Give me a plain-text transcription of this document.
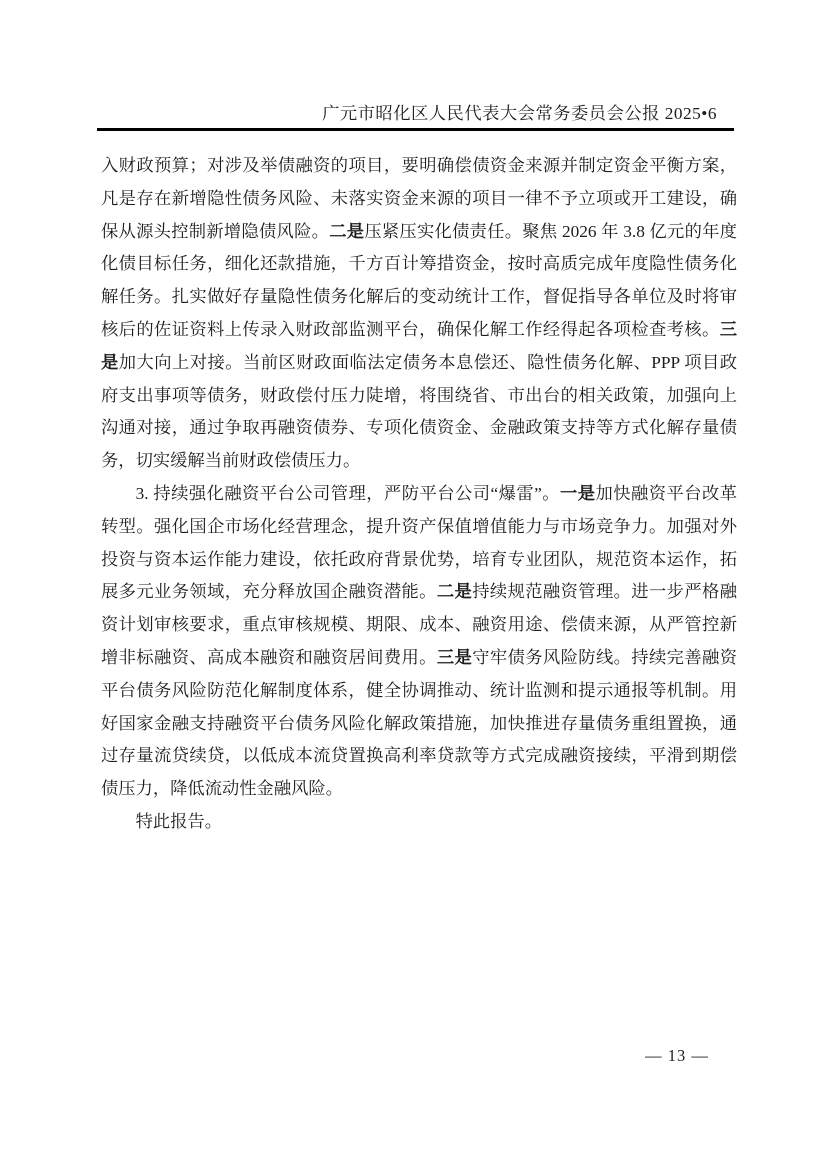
广元市昭化区人民代表大会常务委员会公报 2025•6

入财政预算；对涉及举债融资的项目，要明确偿债资金来源并制定资金平衡方案，凡是存在新增隐性债务风险、未落实资金来源的项目一律不予立项或开工建设，确保从源头控制新增隐债风险。二是压紧压实化债责任。聚焦 2026 年 3.8 亿元的年度化债目标任务，细化还款措施，千方百计筹措资金，按时高质完成年度隐性债务化解任务。扎实做好存量隐性债务化解后的变动统计工作，督促指导各单位及时将审核后的佐证资料上传录入财政部监测平台，确保化解工作经得起各项检查考核。三是加大向上对接。当前区财政面临法定债务本息偿还、隐性债务化解、PPP 项目政府支出事项等债务，财政偿付压力陡增，将围绕省、市出台的相关政策，加强向上沟通对接，通过争取再融资债券、专项化债资金、金融政策支持等方式化解存量债务，切实缓解当前财政偿债压力。

3. 持续强化融资平台公司管理，严防平台公司“爆雷”。一是加快融资平台改革转型。强化国企市场化经营理念，提升资产保值增值能力与市场竞争力。加强对外投资与资本运作能力建设，依托政府背景优势，培育专业团队，规范资本运作，拓展多元业务领域，充分释放国企融资潜能。二是持续规范融资管理。进一步严格融资计划审核要求，重点审核规模、期限、成本、融资用途、偿债来源，从严管控新增非标融资、高成本融资和融资居间费用。三是守牢债务风险防线。持续完善融资平台债务风险防范化解制度体系，健全协调推动、统计监测和提示通报等机制。用好国家金融支持融资平台债务风险化解政策措施，加快推进存量债务重组置换，通过存量流贷续贷，以低成本流贷置换高利率贷款等方式完成融资接续，平滑到期偿债压力，降低流动性金融风险。

特此报告。

— 13 —
